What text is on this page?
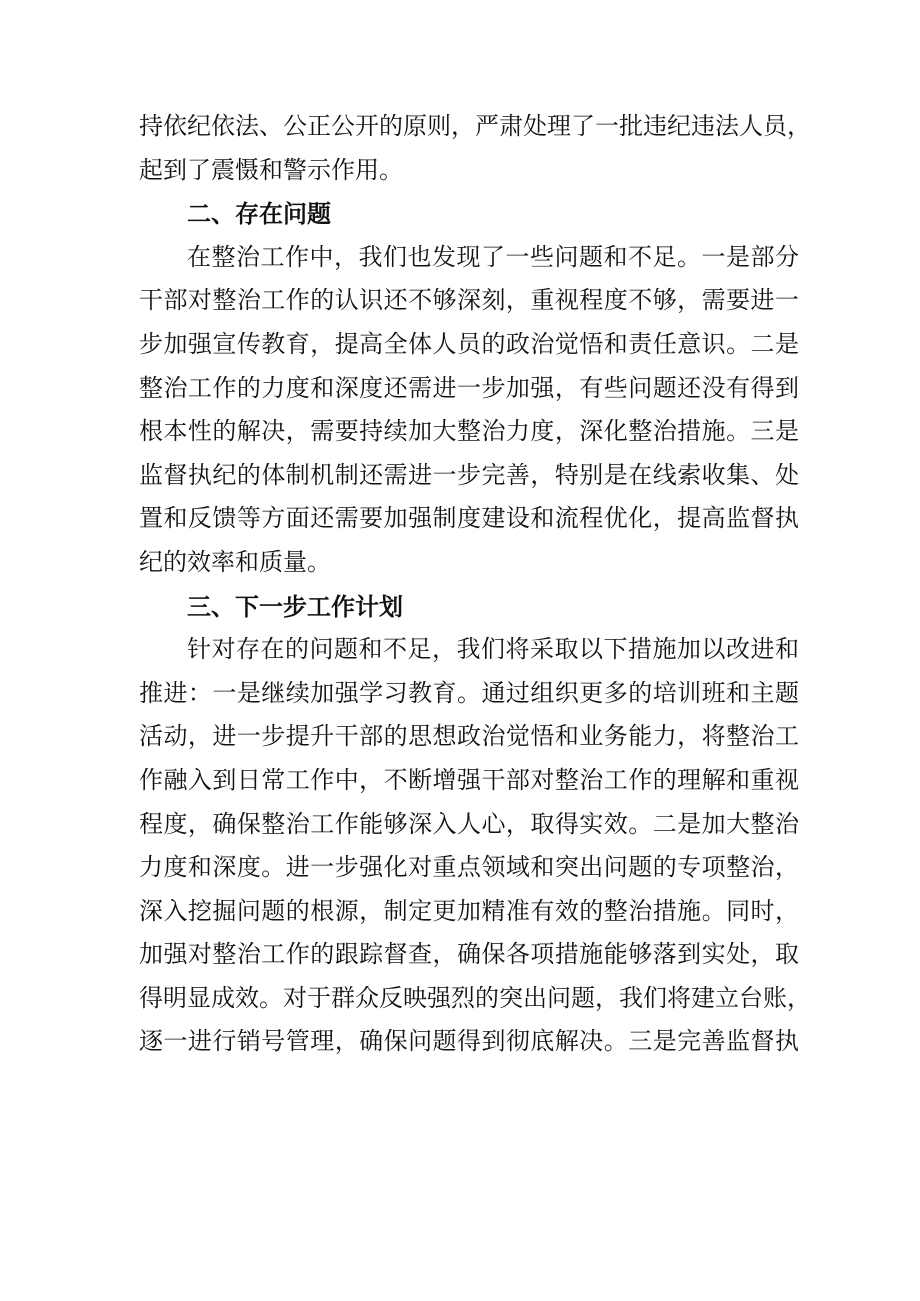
持依纪依法、公正公开的原则，严肃处理了一批违纪违法人员，
起到了震慑和警示作用。
二、存在问题
在整治工作中，我们也发现了一些问题和不足。一是部分
干部对整治工作的认识还不够深刻，重视程度不够，需要进一
步加强宣传教育，提高全体人员的政治觉悟和责任意识。二是
整治工作的力度和深度还需进一步加强，有些问题还没有得到
根本性的解决，需要持续加大整治力度，深化整治措施。三是
监督执纪的体制机制还需进一步完善，特别是在线索收集、处
置和反馈等方面还需要加强制度建设和流程优化，提高监督执
纪的效率和质量。
三、下一步工作计划
针对存在的问题和不足，我们将采取以下措施加以改进和
推进：一是继续加强学习教育。通过组织更多的培训班和主题
活动，进一步提升干部的思想政治觉悟和业务能力，将整治工
作融入到日常工作中，不断增强干部对整治工作的理解和重视
程度，确保整治工作能够深入人心，取得实效。二是加大整治
力度和深度。进一步强化对重点领域和突出问题的专项整治，
深入挖掘问题的根源，制定更加精准有效的整治措施。同时，
加强对整治工作的跟踪督查，确保各项措施能够落到实处，取
得明显成效。对于群众反映强烈的突出问题，我们将建立台账，
逐一进行销号管理，确保问题得到彻底解决。三是完善监督执
